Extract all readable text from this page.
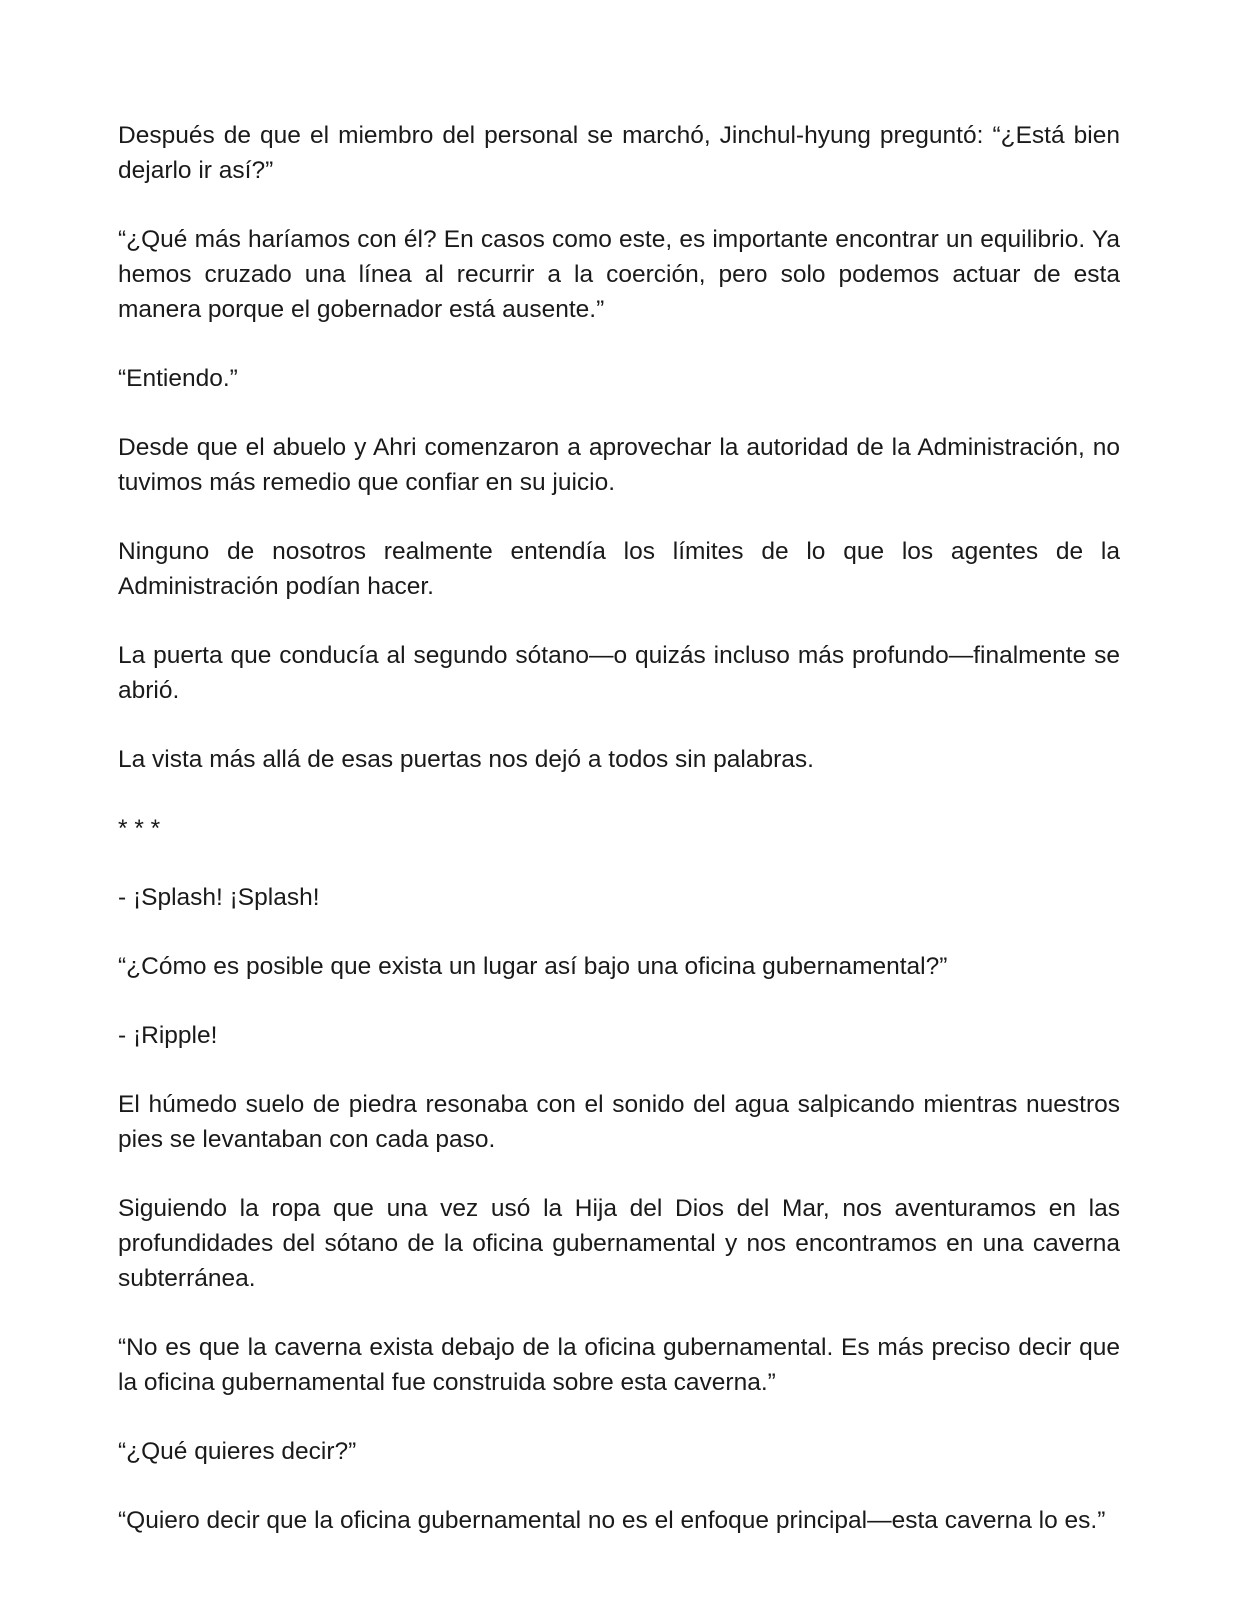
Después de que el miembro del personal se marchó, Jinchul-hyung preguntó: “¿Está bien dejarlo ir así?”

“¿Qué más haríamos con él? En casos como este, es importante encontrar un equilibrio. Ya hemos cruzado una línea al recurrir a la coerción, pero solo podemos actuar de esta manera porque el gobernador está ausente.”

“Entiendo.”

Desde que el abuelo y Ahri comenzaron a aprovechar la autoridad de la Administración, no tuvimos más remedio que confiar en su juicio.

Ninguno de nosotros realmente entendía los límites de lo que los agentes de la Administración podían hacer.

La puerta que conducía al segundo sótano—o quizás incluso más profundo—finalmente se abrió.

La vista más allá de esas puertas nos dejó a todos sin palabras.

* * *

- ¡Splash! ¡Splash!

“¿Cómo es posible que exista un lugar así bajo una oficina gubernamental?”

- ¡Ripple!

El húmedo suelo de piedra resonaba con el sonido del agua salpicando mientras nuestros pies se levantaban con cada paso.

Siguiendo la ropa que una vez usó la Hija del Dios del Mar, nos aventuramos en las profundidades del sótano de la oficina gubernamental y nos encontramos en una caverna subterránea.

“No es que la caverna exista debajo de la oficina gubernamental. Es más preciso decir que la oficina gubernamental fue construida sobre esta caverna.”

“¿Qué quieres decir?”

“Quiero decir que la oficina gubernamental no es el enfoque principal—esta caverna lo es.”
